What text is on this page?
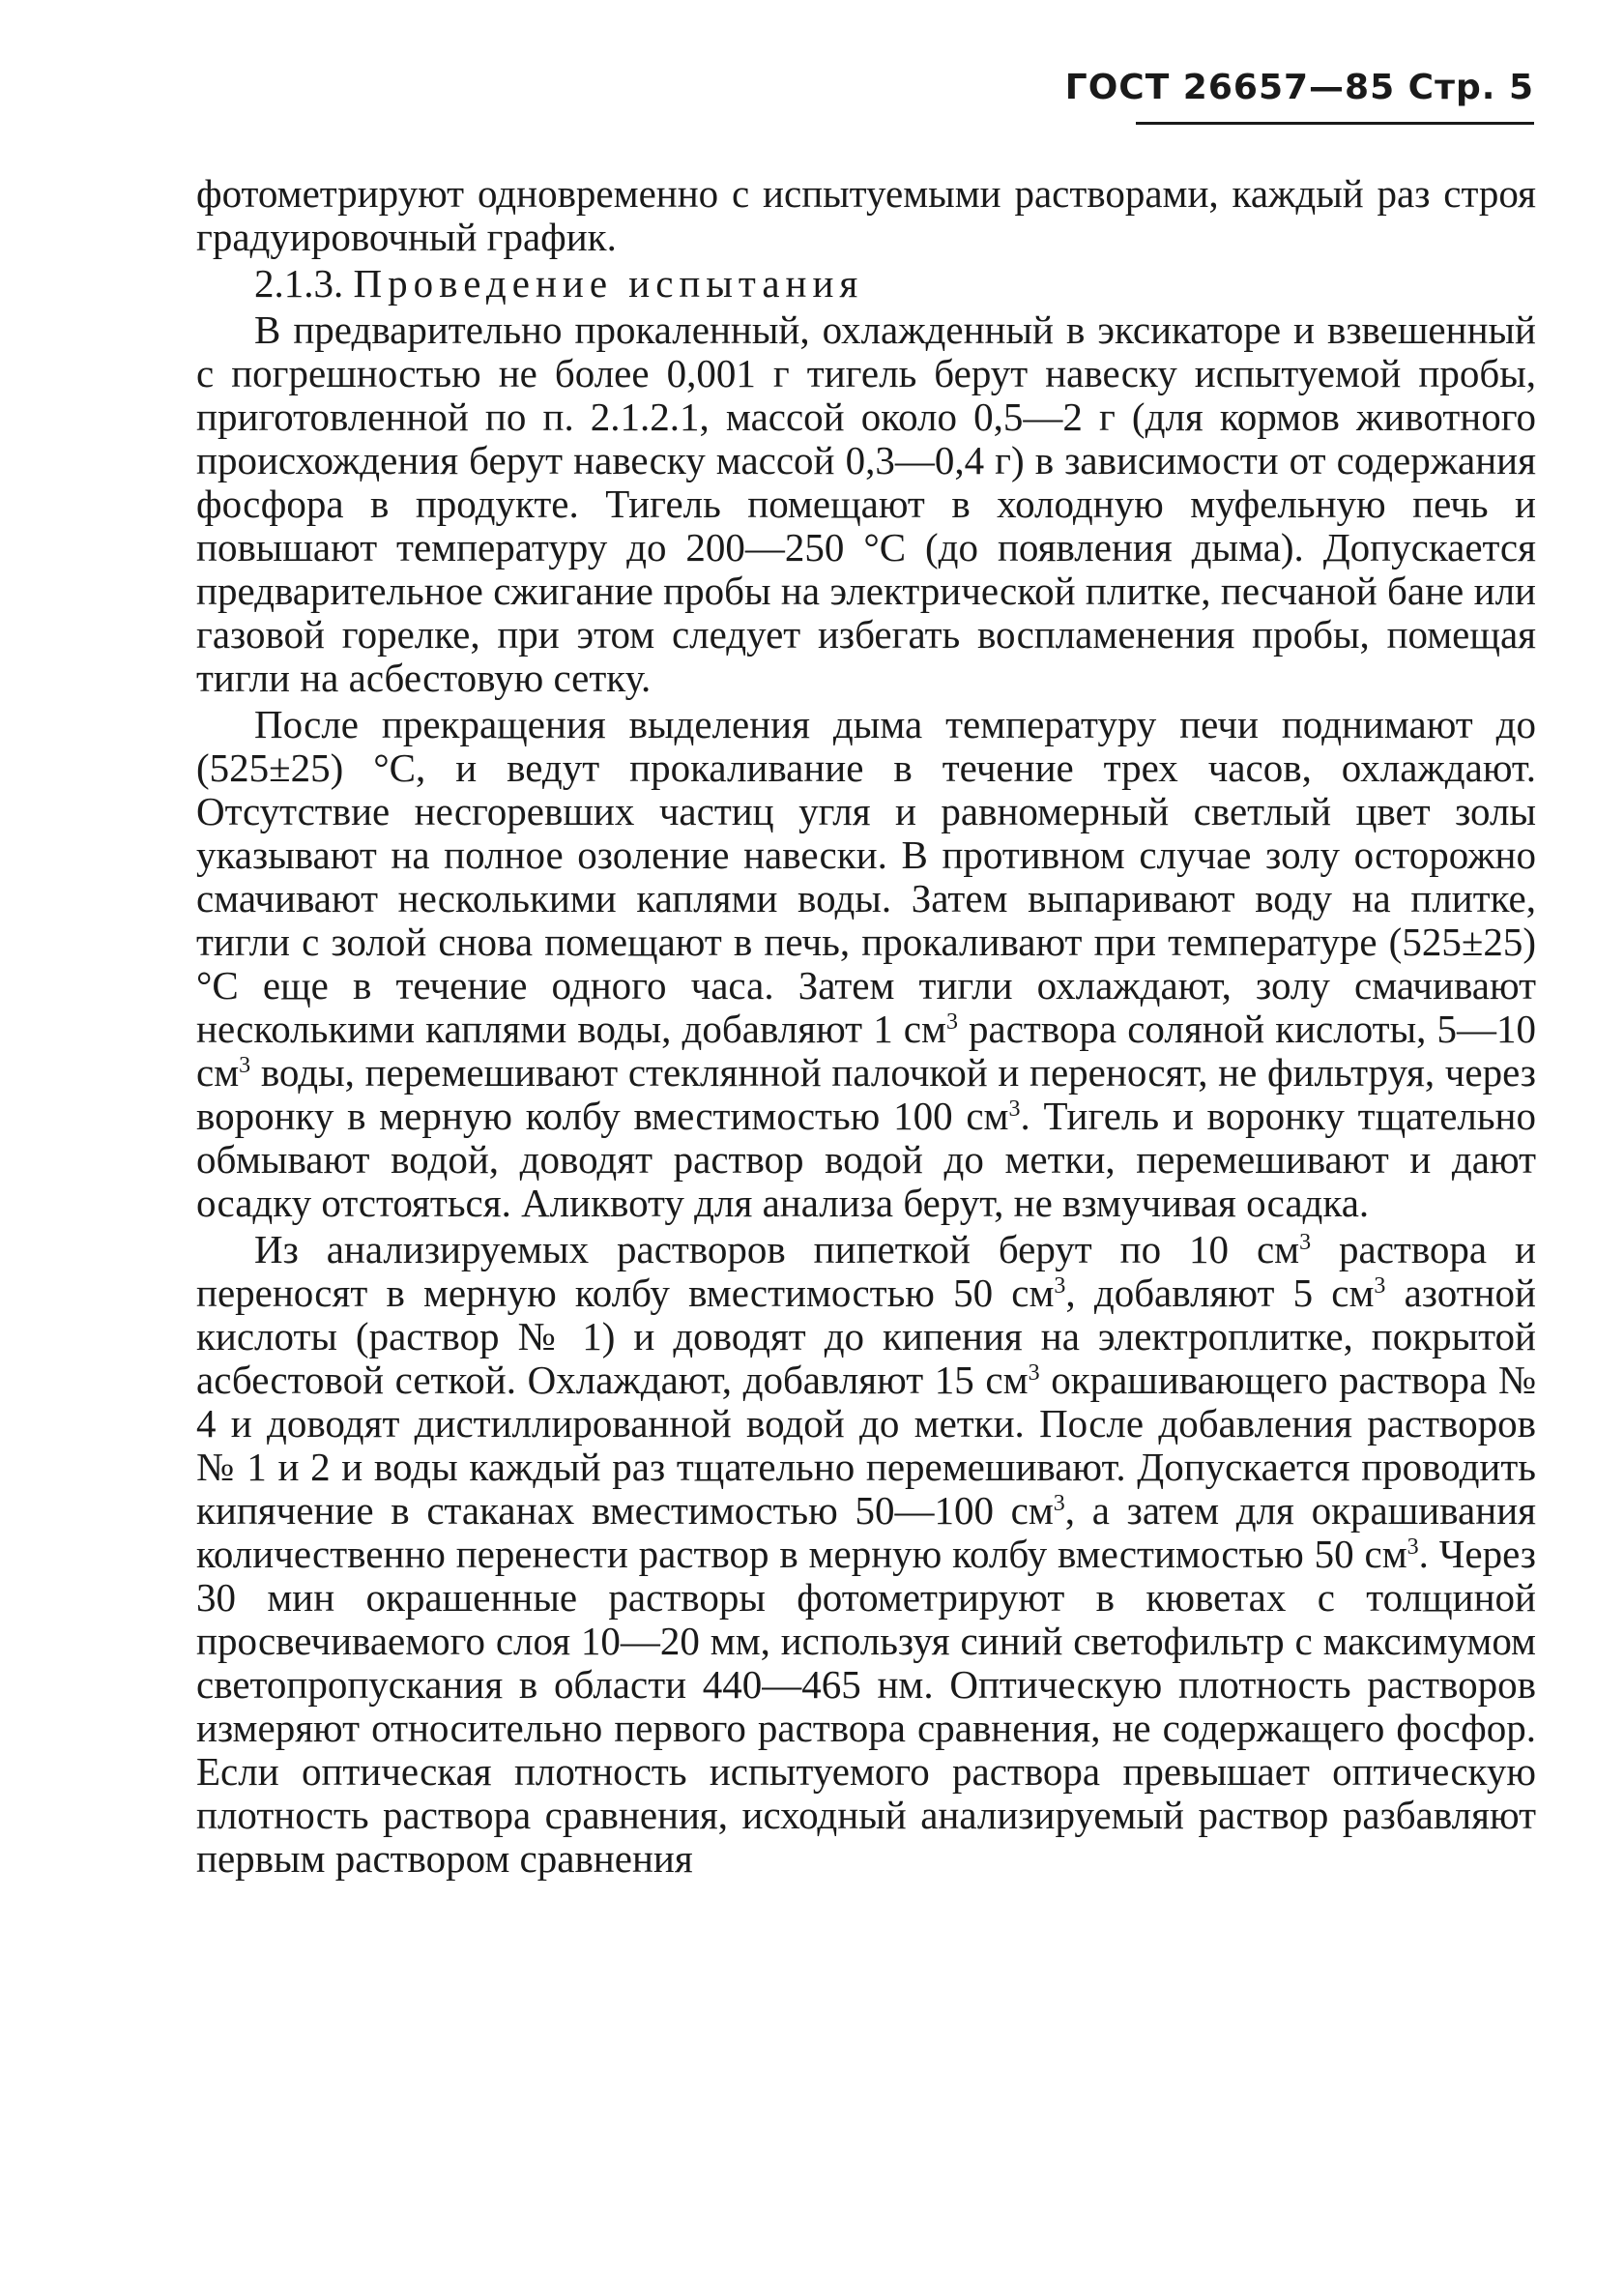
ГОСТ 26657—85 Стр. 5

фотометрируют одновременно с испытуемыми растворами, каждый раз строя градуировочный график.

2.1.3. Проведение испытания

В предварительно прокаленный, охлажденный в эксикаторе и взвешенный с погрешностью не более 0,001 г тигель берут навеску испытуемой пробы, приготовленной по п. 2.1.2.1, массой около 0,5—2 г (для кормов животного происхождения берут навеску массой 0,3—0,4 г) в зависимости от содержания фосфора в продукте. Тигель помещают в холодную муфельную печь и повышают температуру до 200—250 °С (до появления дыма). Допускается предварительное сжигание пробы на электрической плитке, песчаной бане или газовой горелке, при этом следует избегать воспламенения пробы, помещая тигли на асбестовую сетку.

После прекращения выделения дыма температуру печи поднимают до (525±25) °С, и ведут прокаливание в течение трех часов, охлаждают. Отсутствие несгоревших частиц угля и равномерный светлый цвет золы указывают на полное озоление навески. В противном случае золу осторожно смачивают несколькими каплями воды. Затем выпаривают воду на плитке, тигли с золой снова помещают в печь, прокаливают при температуре (525±25) °С еще в течение одного часа. Затем тигли охлаждают, золу смачивают несколькими каплями воды, добавляют 1 $см^3$ раствора соляной кислоты, 5—10 $см^3$ воды, перемешивают стеклянной палочкой и переносят, не фильтруя, через воронку в мерную колбу вместимостью 100 $см^3$. Тигель и воронку тщательно обмывают водой, доводят раствор водой до метки, перемешивают и дают осадку отстояться. Аликвоту для анализа берут, не взмучивая осадка.

Из анализируемых растворов пипеткой берут по 10 $см^3$ раствора и переносят в мерную колбу вместимостью 50 $см^3$, добавляют 5 $см^3$ азотной кислоты (раствор № 1) и доводят до кипения на электроплитке, покрытой асбестовой сеткой. Охлаждают, добавляют 15 $см^3$ окрашивающего раствора № 4 и доводят дистиллированной водой до метки. После добавления растворов № 1 и 2 и воды каждый раз тщательно перемешивают. Допускается проводить кипячение в стаканах вместимостью 50—100 $см^3$, а затем для окрашивания количественно перенести раствор в мерную колбу вместимостью 50 $см^3$. Через 30 мин окрашенные растворы фотометрируют в кюветах с толщиной просвечиваемого слоя 10—20 мм, используя синий светофильтр с максимумом светопропускания в области 440—465 нм. Оптическую плотность растворов измеряют относительно первого раствора сравнения, не содержащего фосфор. Если оптическая плотность испытуемого раствора превышает оптическую плотность раствора сравнения, исходный анализируемый раствор разбавляют первым раствором сравнения
